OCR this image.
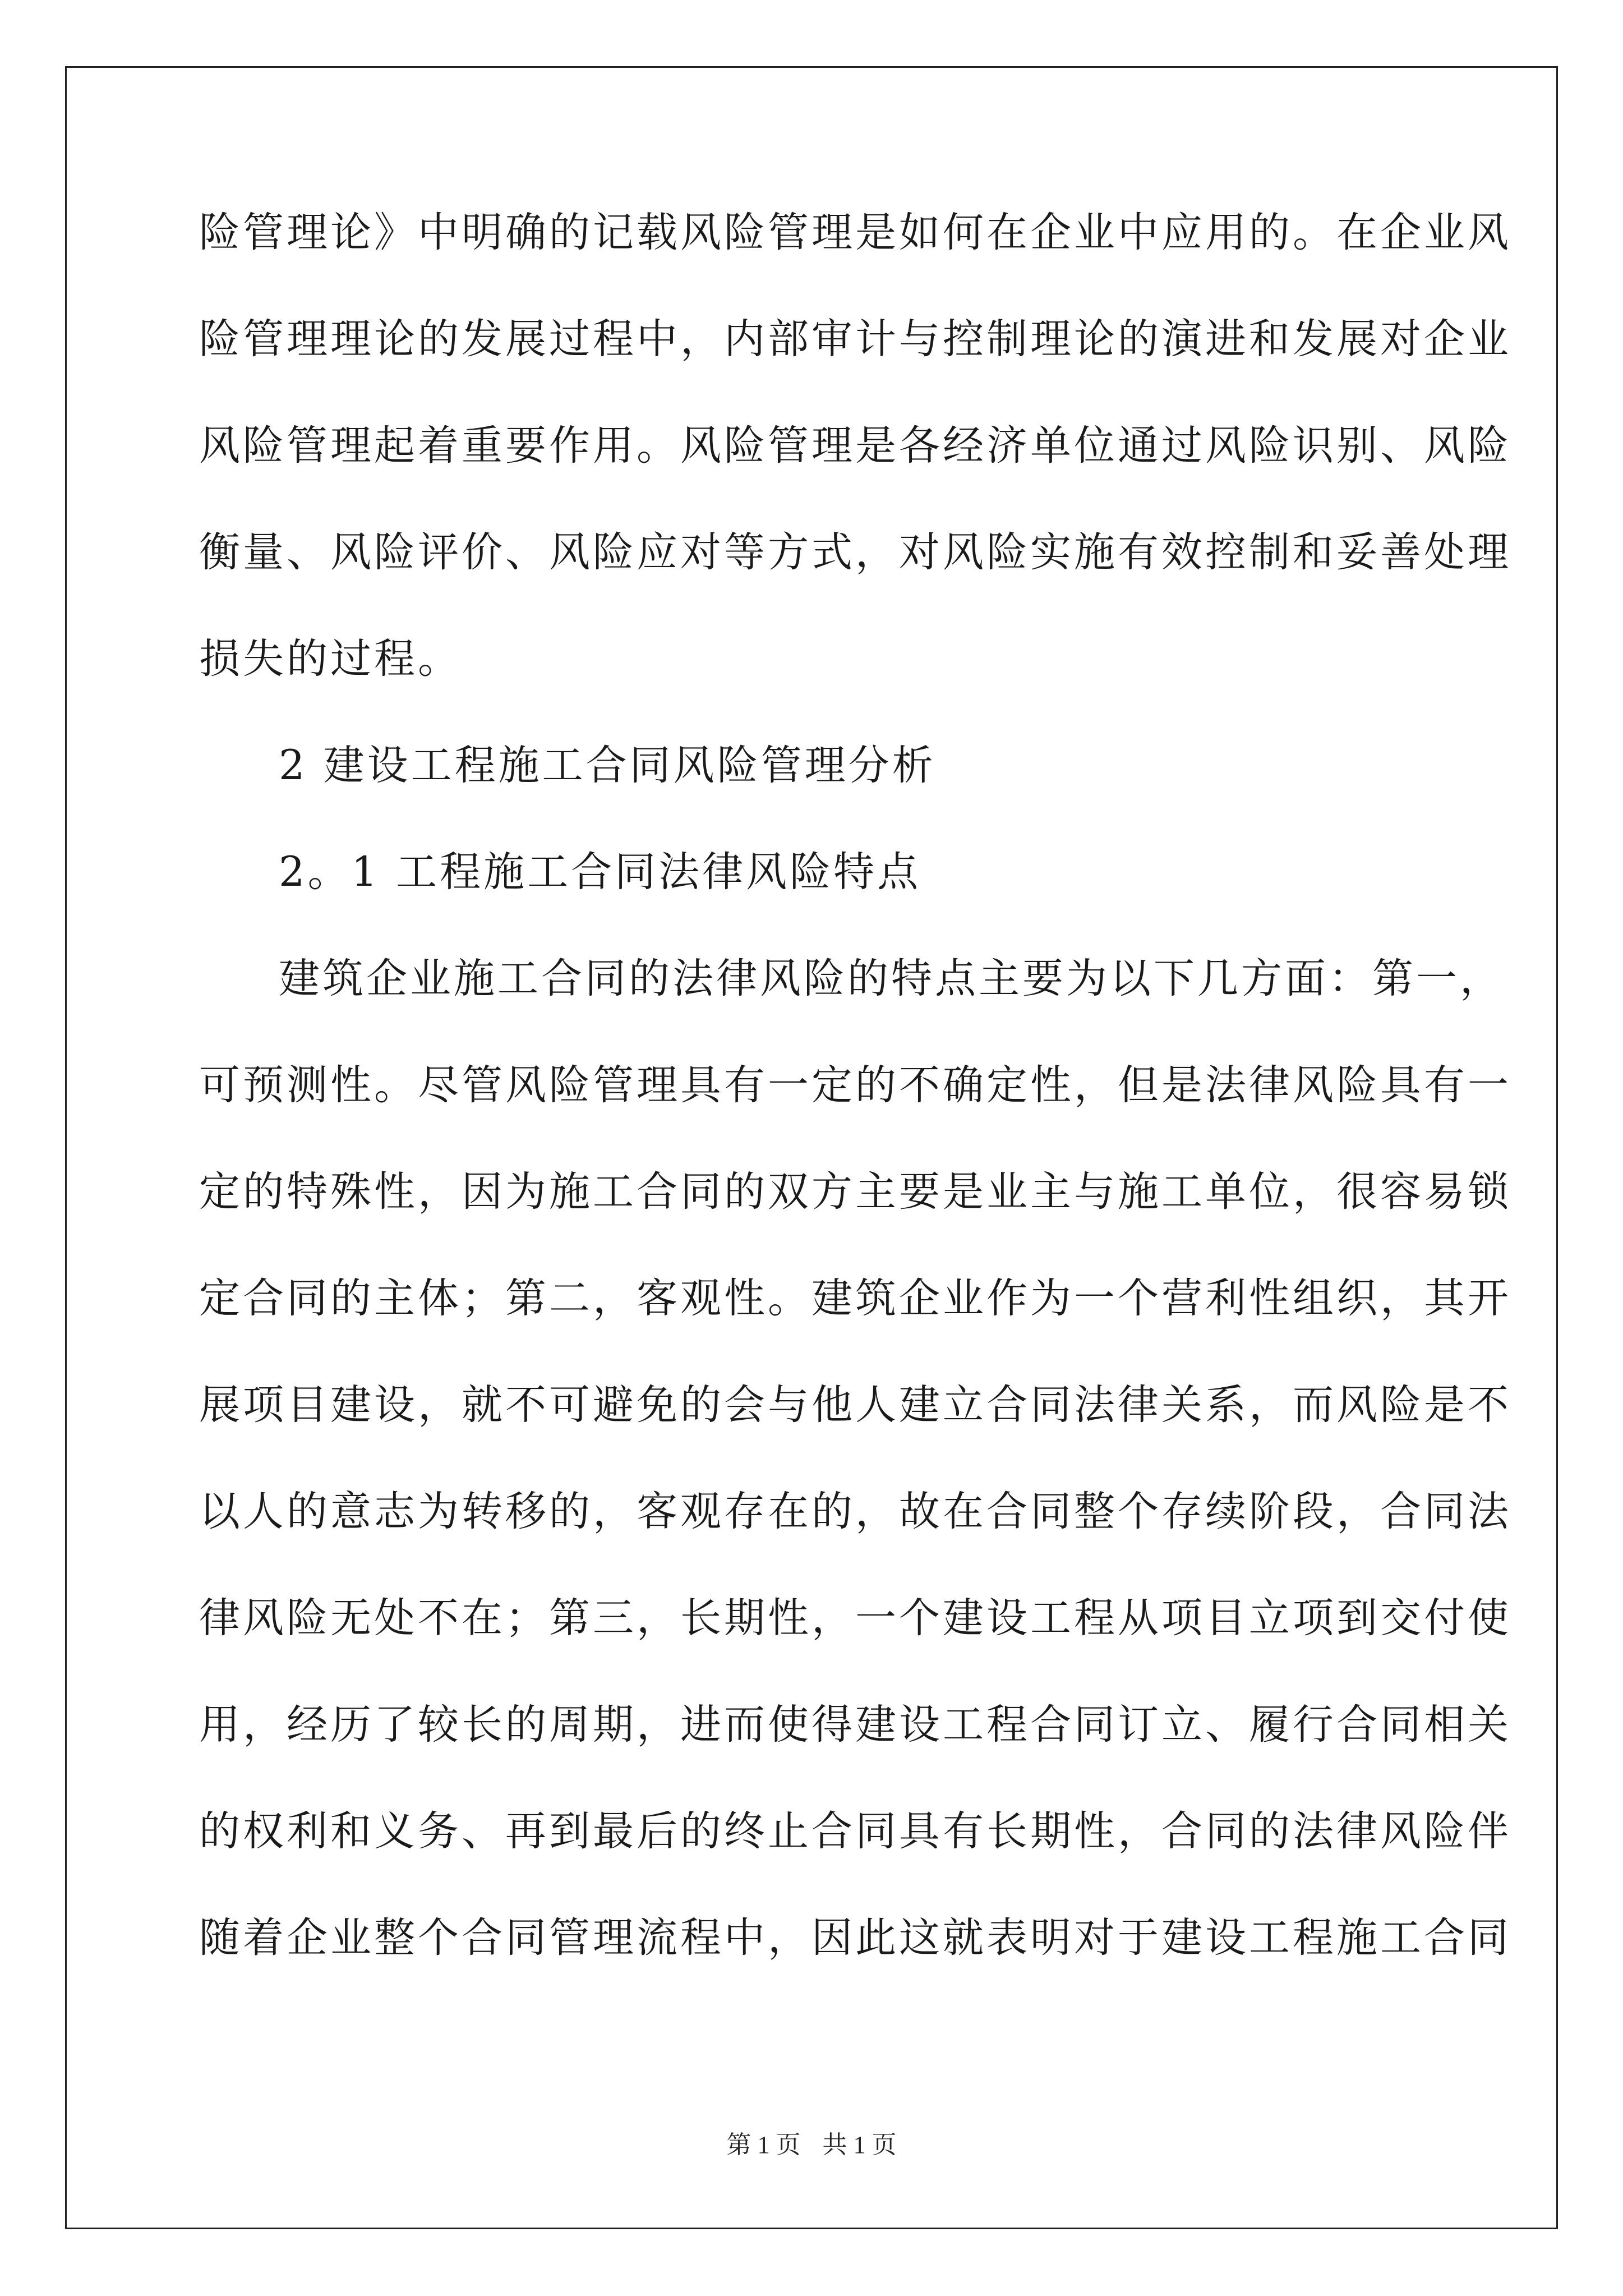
险管理论》中明确的记载风险管理是如何在企业中应用的。在企业风
险管理理论的发展过程中，内部审计与控制理论的演进和发展对企业
风险管理起着重要作用。风险管理是各经济单位通过风险识别、风险
衡量、风险评价、风险应对等方式，对风险实施有效控制和妥善处理
损失的过程。
2 建设工程施工合同风险管理分析
2。1 工程施工合同法律风险特点
建筑企业施工合同的法律风险的特点主要为以下几方面：第一，
可预测性。尽管风险管理具有一定的不确定性，但是法律风险具有一
定的特殊性，因为施工合同的双方主要是业主与施工单位，很容易锁
定合同的主体；第二，客观性。建筑企业作为一个营利性组织，其开
展项目建设，就不可避免的会与他人建立合同法律关系，而风险是不
以人的意志为转移的，客观存在的，故在合同整个存续阶段，合同法
律风险无处不在；第三，长期性，一个建设工程从项目立项到交付使
用，经历了较长的周期，进而使得建设工程合同订立、履行合同相关
的权利和义务、再到最后的终止合同具有长期性，合同的法律风险伴
随着企业整个合同管理流程中，因此这就表明对于建设工程施工合同
第 1 页 共 1 页
